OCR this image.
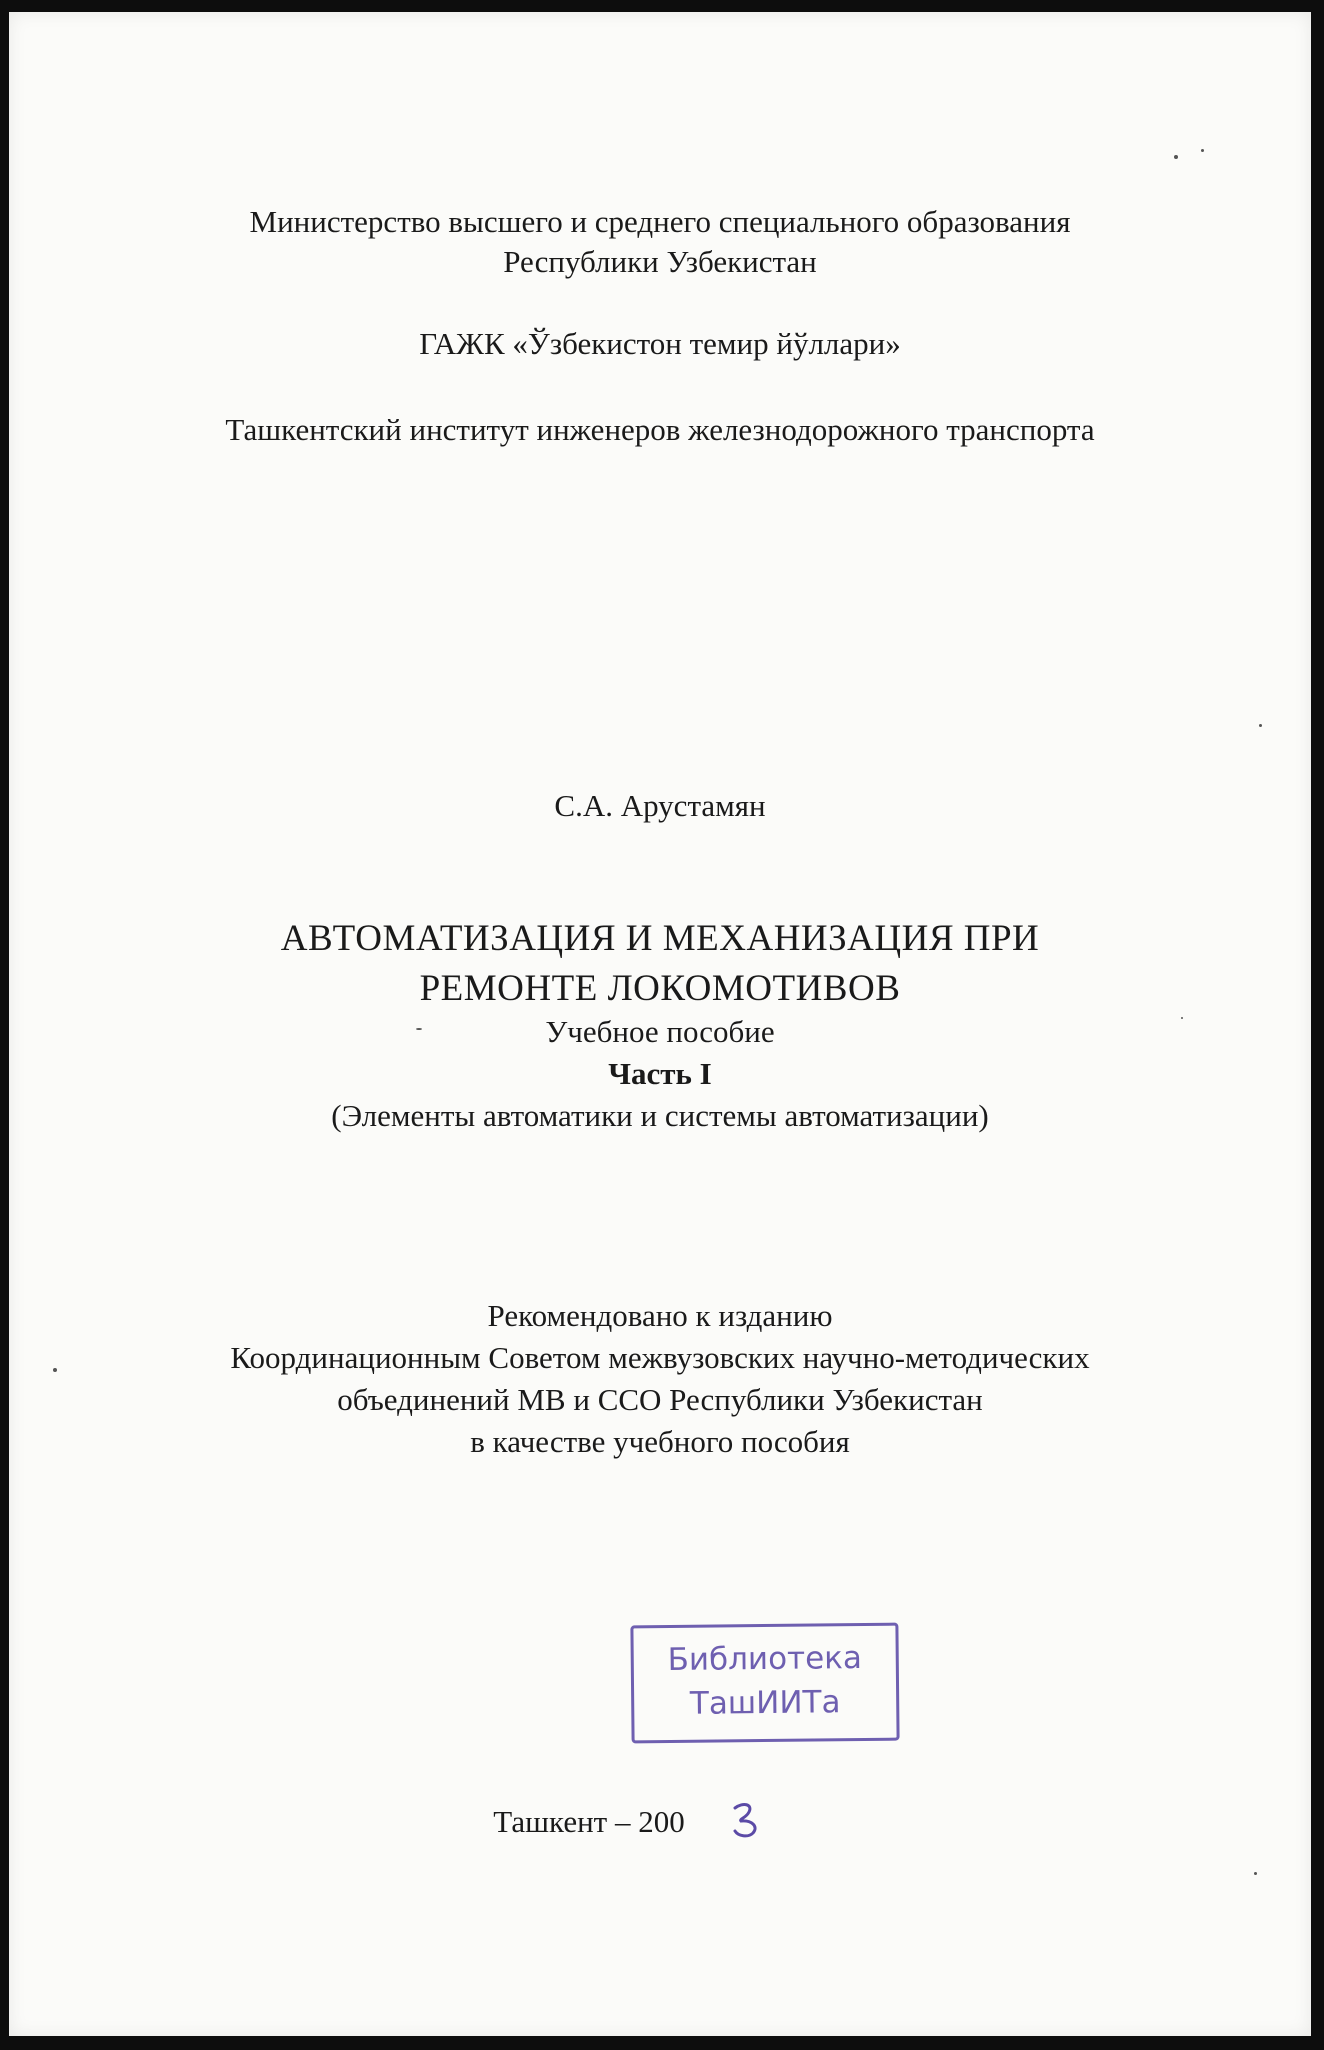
Министерство высшего и среднего специального образования
Республики Узбекистан
ГАЖК «Ўзбекистон темир йўллари»
Ташкентский институт инженеров железнодорожного транспорта
С.А. Арустамян
АВТОМАТИЗАЦИЯ И МЕХАНИЗАЦИЯ ПРИ
РЕМОНТЕ ЛОКОМОТИВОВ
Учебное пособие
Часть I
(Элементы автоматики и системы автоматизации)
Рекомендовано к изданию
Координационным Советом межвузовских научно-методических
объединений МВ и ССО Республики Узбекистан
в качестве учебного пособия
Библиотека
ТашИИТа
Ташкент – 200
